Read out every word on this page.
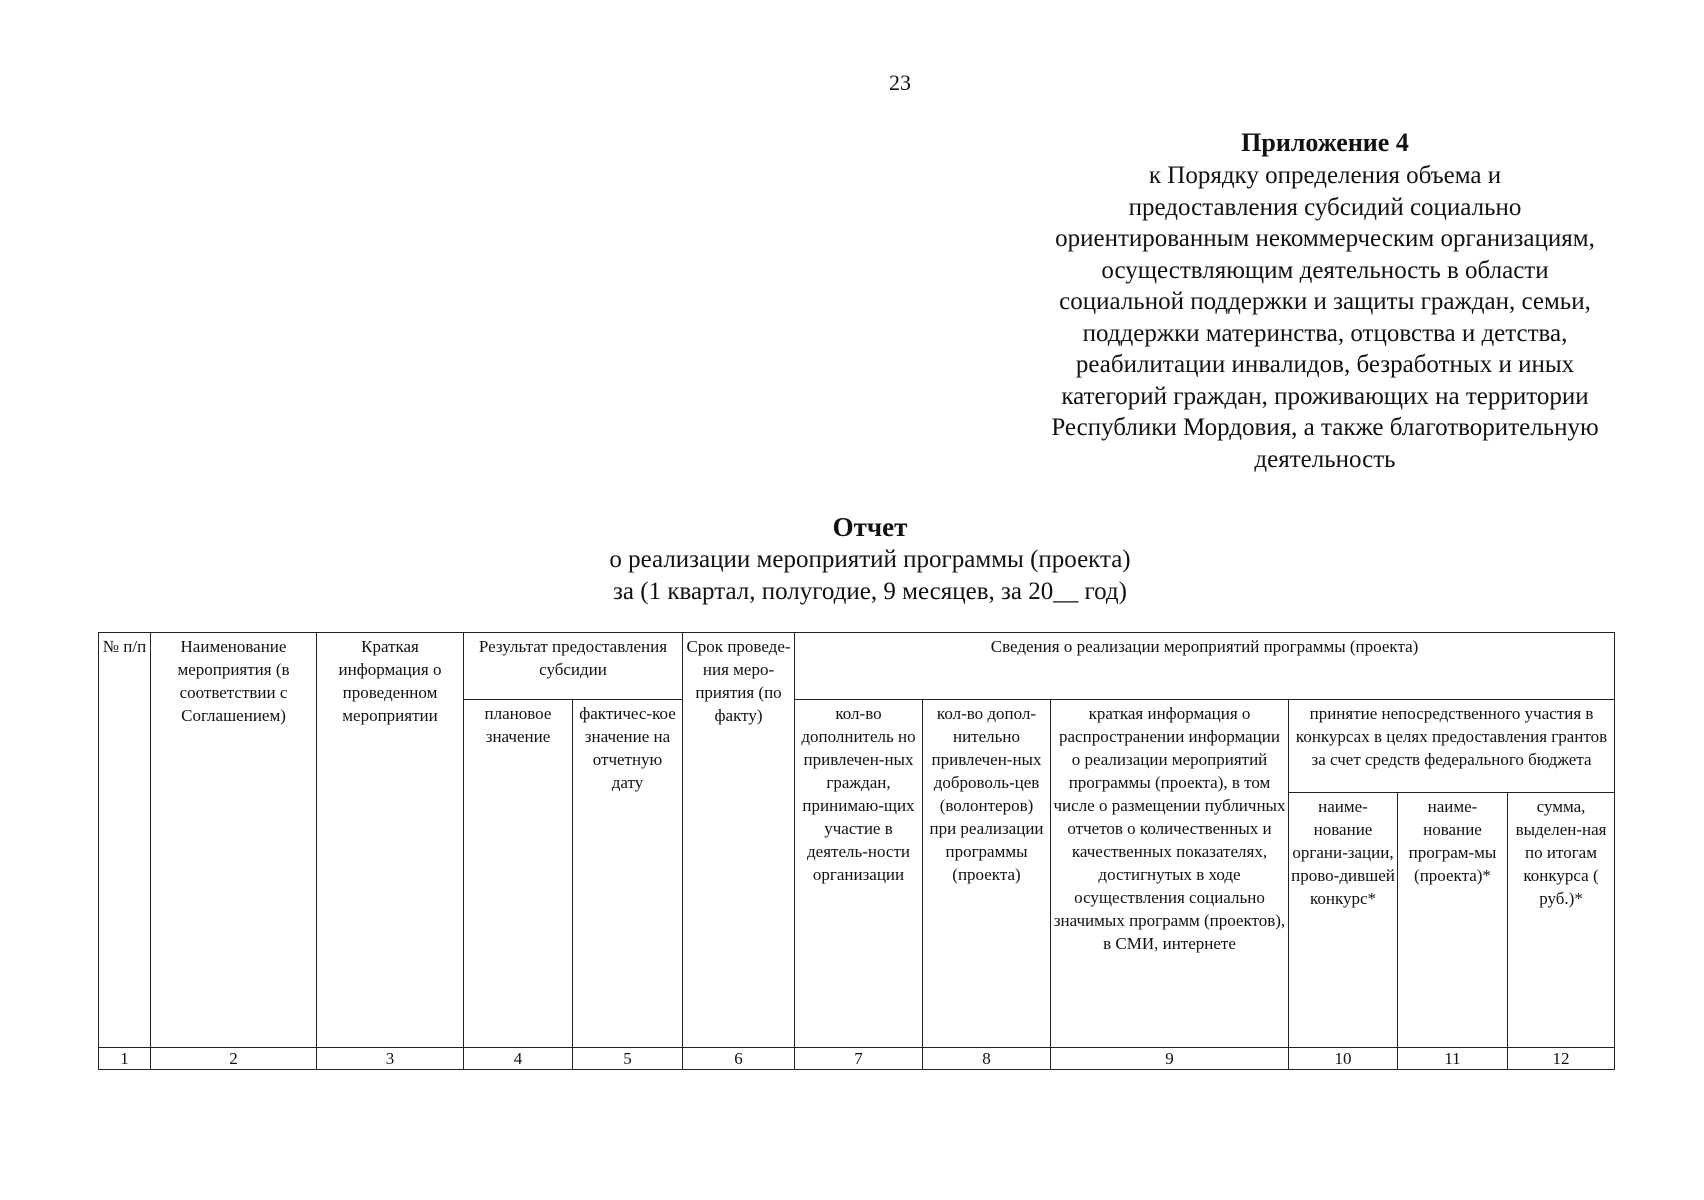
23
Приложение 4
к Порядку определения объема и
предоставления субсидий социально
ориентированным некоммерческим организациям,
осуществляющим деятельность в области
социальной поддержки и защиты граждан, семьи,
поддержки материнства, отцовства и детства,
реабилитации инвалидов, безработных и иных
категорий граждан, проживающих на территории
Республики Мордовия, а также благотворительную
деятельность
Отчет
о реализации мероприятий программы (проекта)
за (1 квартал, полугодие, 9 месяцев, за 20__ год)
№ п/п	Наименование мероприятия (в соответствии с Соглашением)	Краткая информация о проведенном мероприятии	Результат предоставления субсидии		Срок проведе-ния меро-приятия (по факту)	Сведения о реализации мероприятий программы (проекта)					
			плановое значение	фактичес-кое значение на отчетную дату		кол-во дополнитель но привлечен-ных граждан, принимаю-щих участие в деятель-ности организации	кол-во допол-нительно привлечен-ных доброволь-цев (волонтеров) при реализации программы (проекта)	краткая информация о распространении информации о реализации мероприятий программы (проекта), в том числе о размещении публичных отчетов о количественных и качественных показателях, достигнутых в ходе осуществления социально значимых программ (проектов), в СМИ, интернете	принятие непосредственного участия в конкурсах в целях предоставления грантов за счет средств федерального бюджета		
									наиме-нование органи-зации, прово-дившей конкурс*	наиме-нование програм-мы (проекта)*	сумма, выделен-ная по итогам конкурса ( руб.)*
1	2	3	4	5	6	7	8	9	10	11	12
